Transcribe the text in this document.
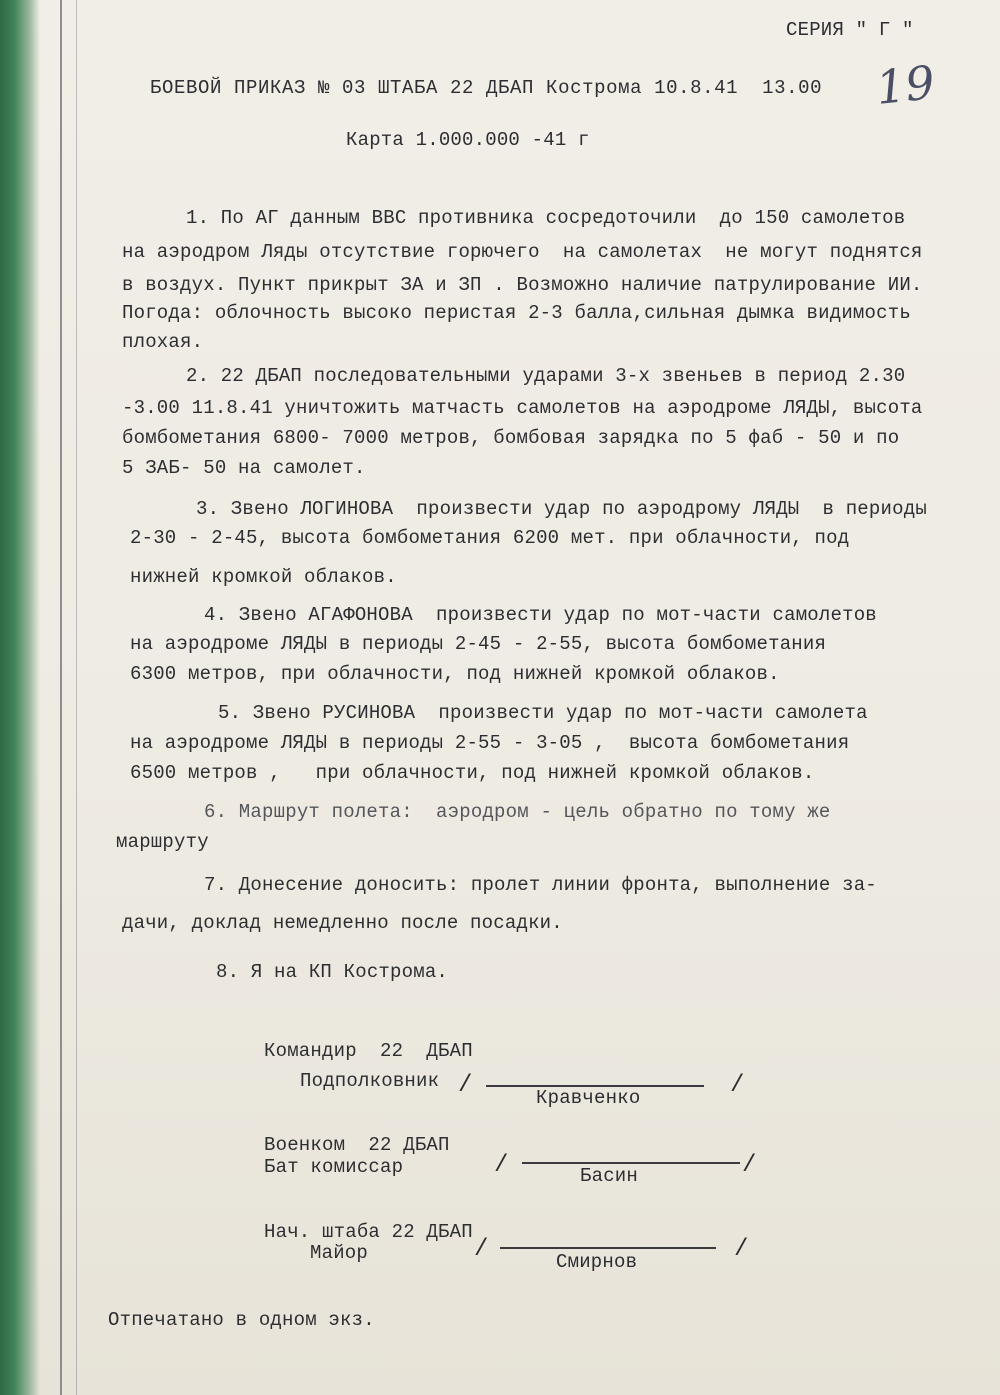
СЕРИЯ " Г "
19
БОЕВОЙ ПРИКАЗ № 03 ШТАБА 22 ДБАП Кострома 10.8.41  13.00
Карта 1.000.000 -41 г
1. По АГ данным ВВС противника сосредоточили  до 150 самолетов
на аэродром Ляды отсутствие горючего  на самолетах  не могут поднятся
в воздух. Пункт прикрыт ЗА и ЗП . Возможно наличие патрулирование ИИ.
Погода: облочность высоко перистая 2-3 балла,сильная дымка видимость
плохая.
2. 22 ДБАП последовательными ударами 3-х звеньев в период 2.30
-3.00 11.8.41 уничтожить матчасть самолетов на аэродроме ЛЯДЫ, высота
бомбометания 6800- 7000 метров, бомбовая зарядка по 5 фаб - 50 и по
5 ЗАБ- 50 на самолет.
3. Звено ЛОГИНОВА  произвести удар по аэродрому ЛЯДЫ  в периоды
2-30 - 2-45, высота бомбометания 6200 мет. при облачности, под
нижней кромкой облаков.
4. Звено АГАФОНОВА  произвести удар по мот-части самолетов
на аэродроме ЛЯДЫ в периоды 2-45 - 2-55, высота бомбометания
6300 метров, при облачности, под нижней кромкой облаков.
5. Звено РУСИНОВА  произвести удар по мот-части самолета
на аэродроме ЛЯДЫ в периоды 2-55 - 3-05 ,  высота бомбометания
6500 метров ,   при облачности, под нижней кромкой облаков.
6. Маршрут полета:  аэродром - цель обратно по тому же
маршруту
7. Донесение доносить: пролет линии фронта, выполнение за-
дачи, доклад немедленно после посадки.
8. Я на КП Кострома.
Командир  22  ДБАП
Подполковник /	/
Кравченко
Военком  22 ДБАП
Бат комиссар	/	/
Басин
Нач. штаба 22 ДБАП
Майор	/	/
Смирнов
Отпечатано в одном экз.
